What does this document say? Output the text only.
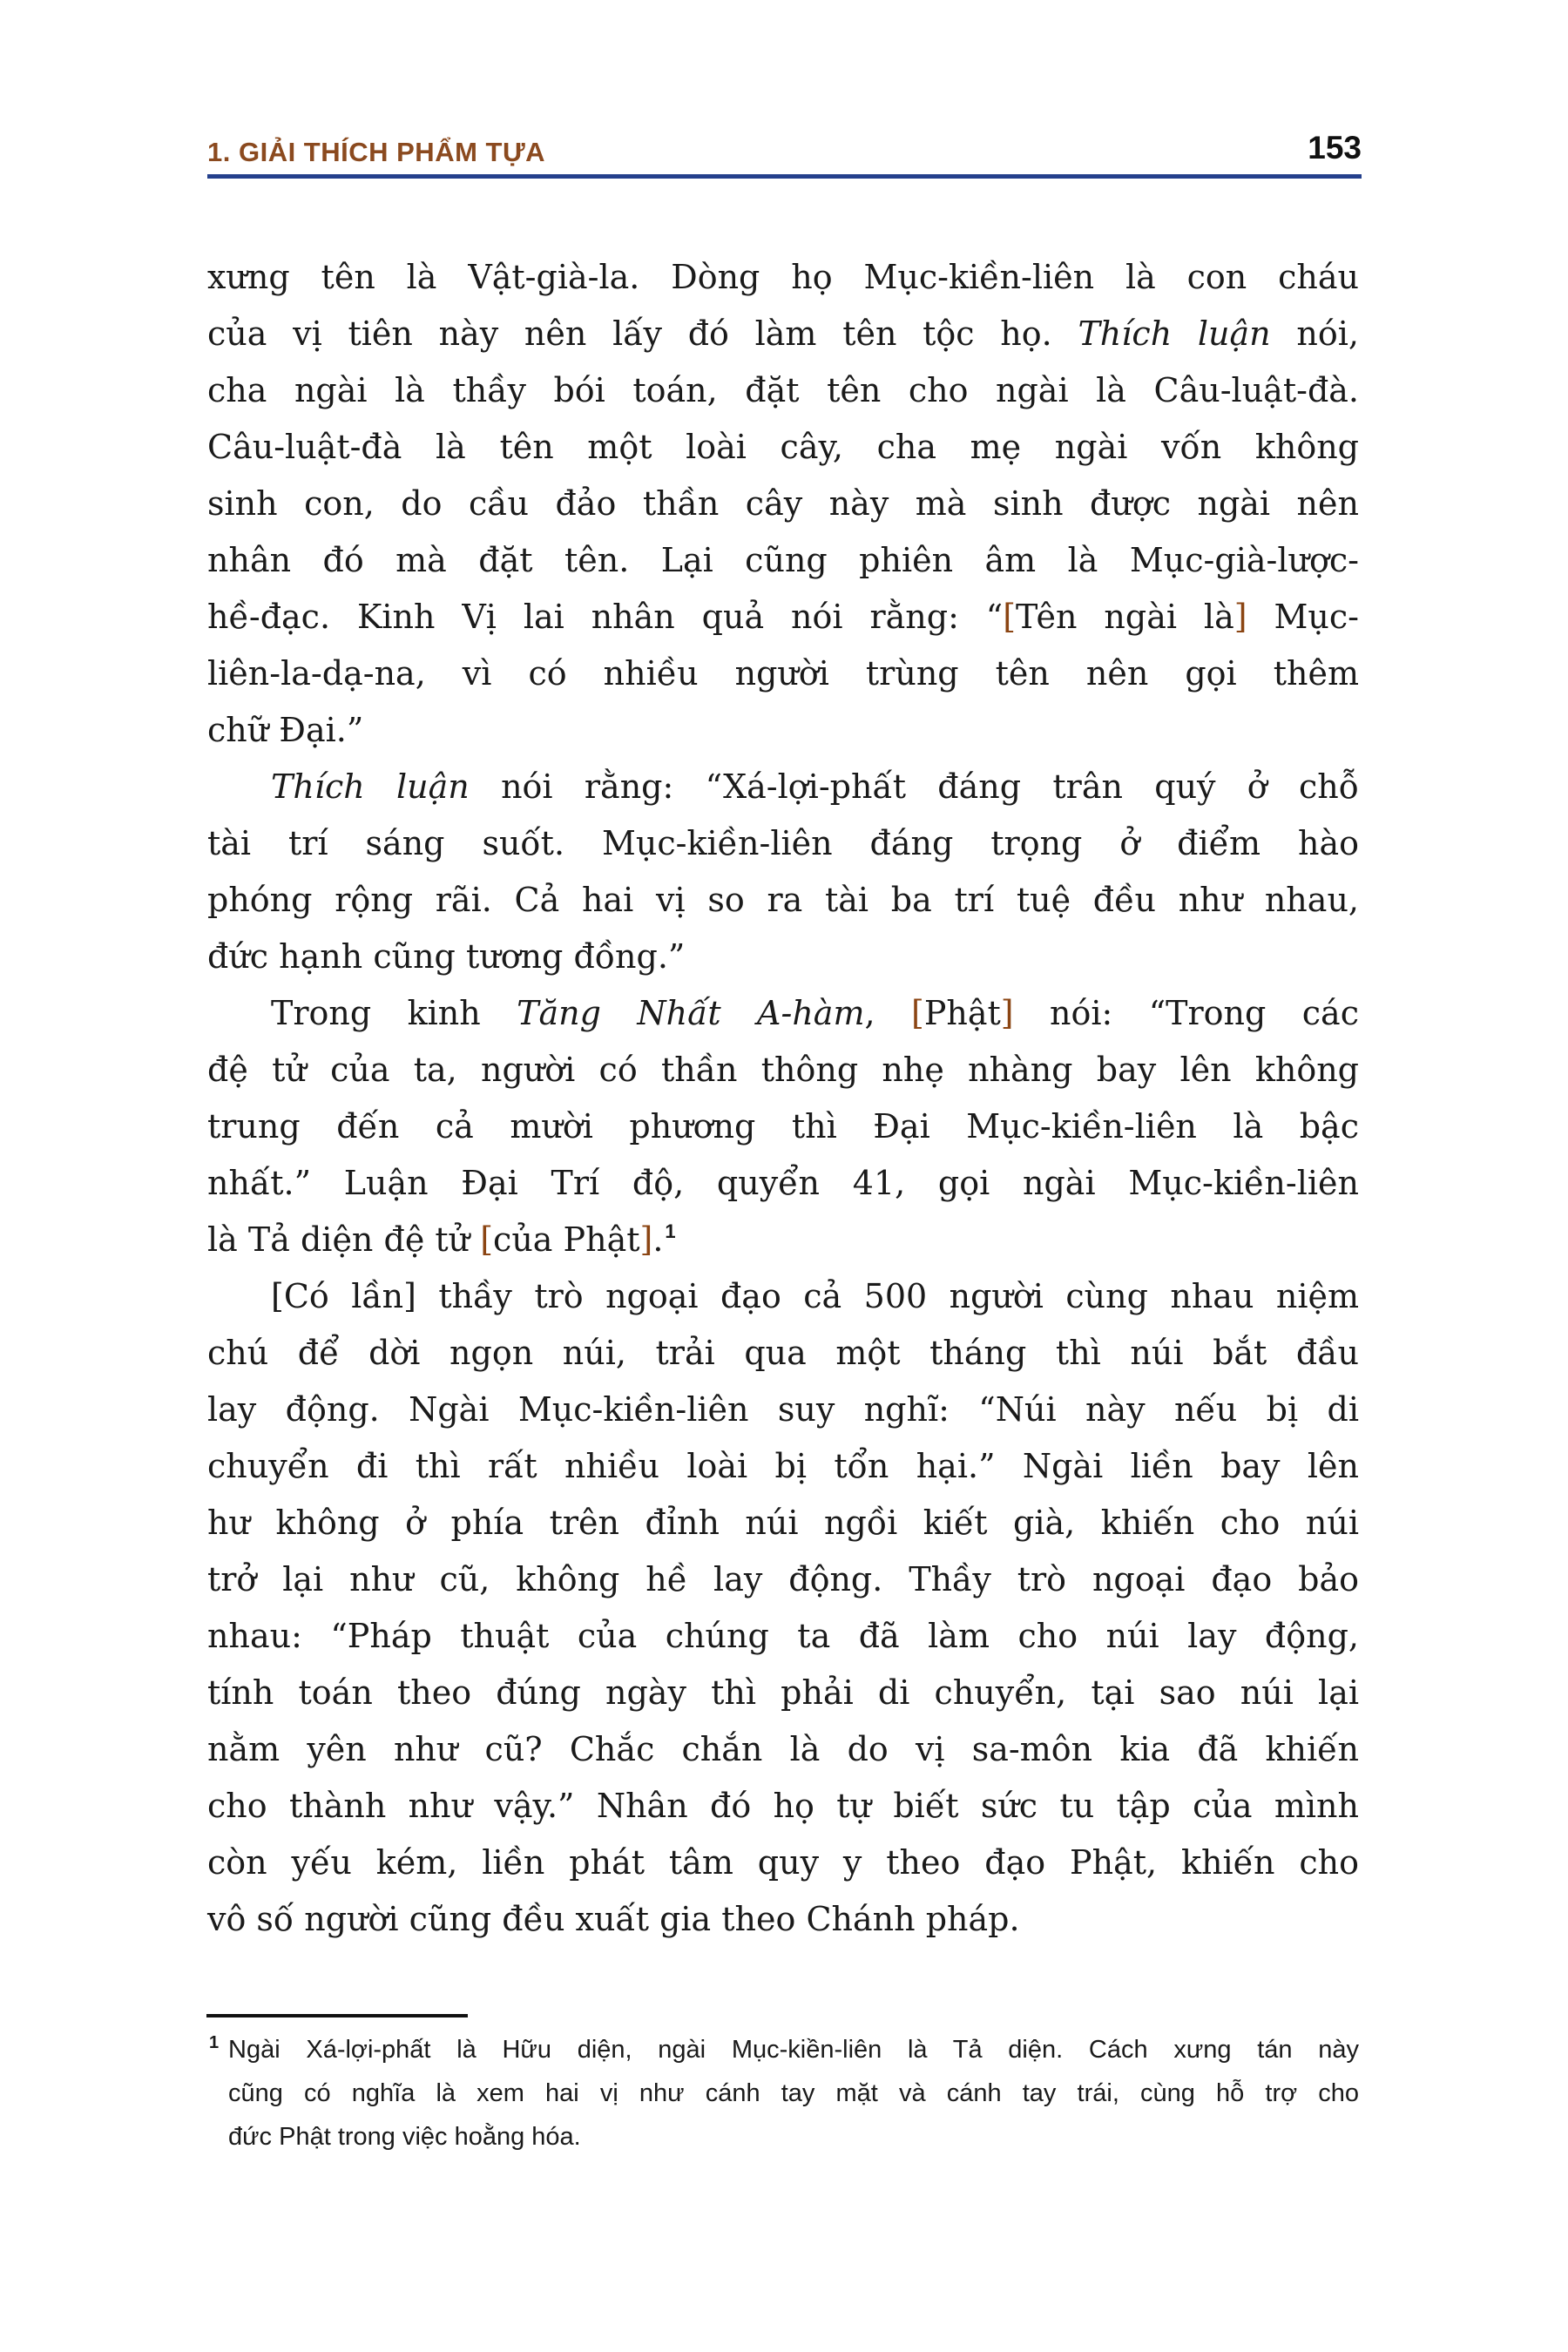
1. GIẢI THÍCH PHẨM TỰA	153
xưng tên là Vật-già-la. Dòng họ Mục-kiền-liên là con cháu
của vị tiên này nên lấy đó làm tên tộc họ. Thích luận nói,
cha ngài là thầy bói toán, đặt tên cho ngài là Câu-luật-đà.
Câu-luật-đà là tên một loài cây, cha mẹ ngài vốn không
sinh con, do cầu đảo thần cây này mà sinh được ngài nên
nhân đó mà đặt tên. Lại cũng phiên âm là Mục-già-lược-
hề-đạc. Kinh Vị lai nhân quả nói rằng: “[Tên ngài là] Mục-
liên-la-dạ-na, vì có nhiều người trùng tên nên gọi thêm
chữ Đại.”
Thích luận nói rằng: “Xá-lợi-phất đáng trân quý ở chỗ
tài trí sáng suốt. Mục-kiền-liên đáng trọng ở điểm hào
phóng rộng rãi. Cả hai vị so ra tài ba trí tuệ đều như nhau,
đức hạnh cũng tương đồng.”
Trong kinh Tăng Nhất A-hàm, [Phật] nói: “Trong các
đệ tử của ta, người có thần thông nhẹ nhàng bay lên không
trung đến cả mười phương thì Đại Mục-kiền-liên là bậc
nhất.” Luận Đại Trí độ, quyển 41, gọi ngài Mục-kiền-liên
là Tả diện đệ tử [của Phật].$^1$
[Có lần] thầy trò ngoại đạo cả 500 người cùng nhau niệm
chú để dời ngọn núi, trải qua một tháng thì núi bắt đầu
lay động. Ngài Mục-kiền-liên suy nghĩ: “Núi này nếu bị di
chuyển đi thì rất nhiều loài bị tổn hại.” Ngài liền bay lên
hư không ở phía trên đỉnh núi ngồi kiết già, khiến cho núi
trở lại như cũ, không hề lay động. Thầy trò ngoại đạo bảo
nhau: “Pháp thuật của chúng ta đã làm cho núi lay động,
tính toán theo đúng ngày thì phải di chuyển, tại sao núi lại
nằm yên như cũ? Chắc chắn là do vị sa-môn kia đã khiến
cho thành như vậy.” Nhân đó họ tự biết sức tu tập của mình
còn yếu kém, liền phát tâm quy y theo đạo Phật, khiến cho
vô số người cũng đều xuất gia theo Chánh pháp.
1 Ngài Xá-lợi-phất là Hữu diện, ngài Mục-kiền-liên là Tả diện. Cách xưng tán này
cũng có nghĩa là xem hai vị như cánh tay mặt và cánh tay trái, cùng hỗ trợ cho
đức Phật trong việc hoằng hóa.
